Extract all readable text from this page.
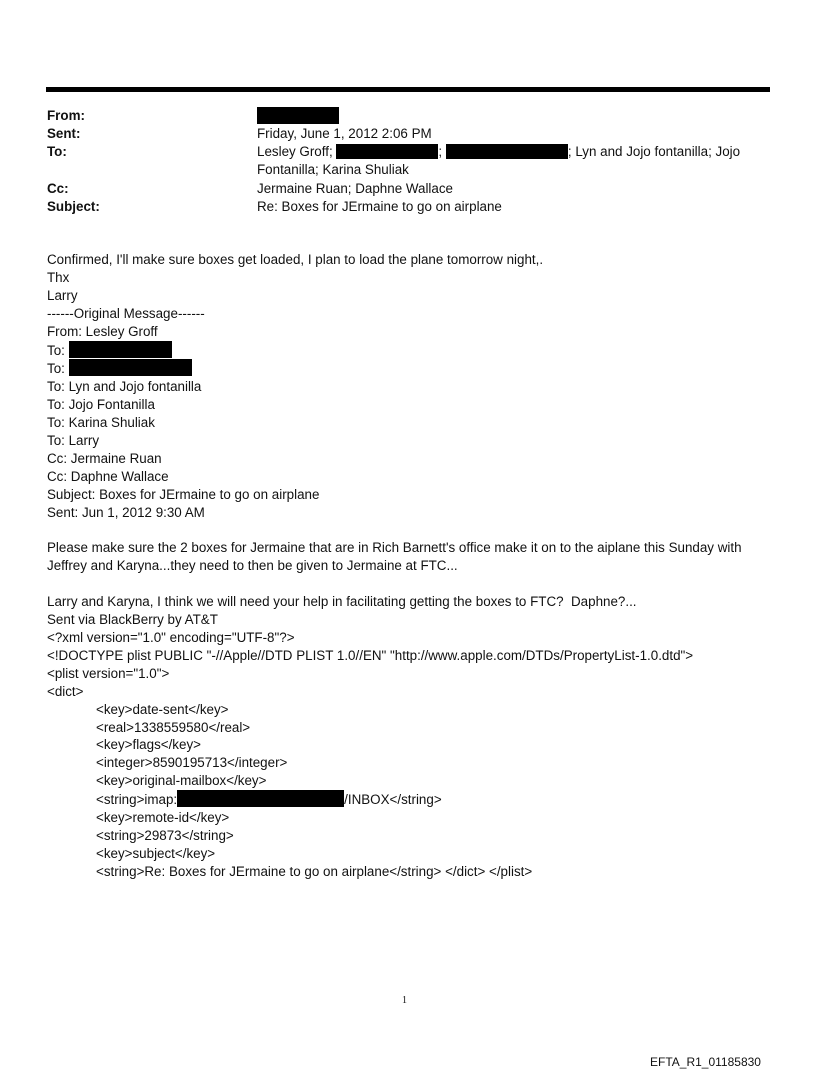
From:
Sent:	Friday, June 1, 2012 2:06 PM
To:	Lesley Groff;	;	; Lyn and Jojo fontanilla; Jojo
Fontanilla; Karina Shuliak
Cc:	Jermaine Ruan; Daphne Wallace
Subject:	Re: Boxes for JErmaine to go on airplane
Confirmed, I'll make sure boxes get loaded, I plan to load the plane tomorrow night,.
Thx
Larry
------Original Message------
From: Lesley Groff
To:
To:
To: Lyn and Jojo fontanilla
To: Jojo Fontanilla
To: Karina Shuliak
To: Larry
Cc: Jermaine Ruan
Cc: Daphne Wallace
Subject: Boxes for JErmaine to go on airplane
Sent: Jun 1, 2012 9:30 AM
Please make sure the 2 boxes for Jermaine that are in Rich Barnett's office make it on to the aiplane this Sunday with
Jeffrey and Karyna...they need to then be given to Jermaine at FTC...
Larry and Karyna, I think we will need your help in facilitating getting the boxes to FTC?  Daphne?...
Sent via BlackBerry by AT&T
<?xml version="1.0" encoding="UTF-8"?>
<!DOCTYPE plist PUBLIC "-//Apple//DTD PLIST 1.0//EN" "http://www.apple.com/DTDs/PropertyList-1.0.dtd">
<plist version="1.0">
<dict>
<key>date-sent</key>
<real>1338559580</real>
<key>flags</key>
<integer>8590195713</integer>
<key>original-mailbox</key>
<string>imap:	/INBOX</string>
<key>remote-id</key>
<string>29873</string>
<key>subject</key>
<string>Re: Boxes for JErmaine to go on airplane</string> </dict> </plist>
1
EFTA_R1_01185830
